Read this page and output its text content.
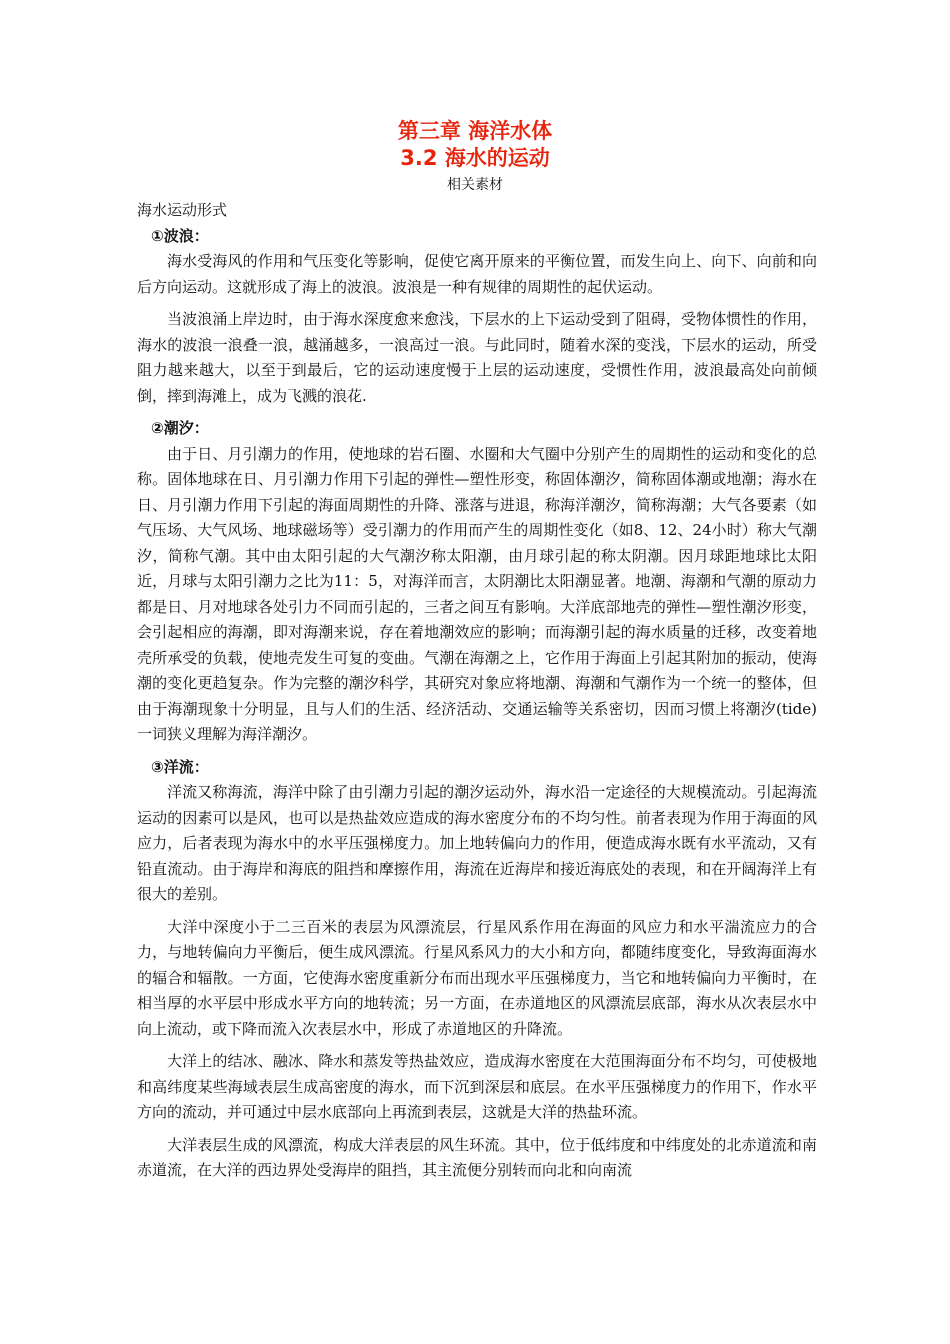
第三章 海洋水体
3.2 海水的运动
相关素材
海水运动形式
①波浪：

海水受海风的作用和气压变化等影响，促使它离开原来的平衡位置，而发生向上、向下、向前和向后方向运动。这就形成了海上的波浪。波浪是一种有规律的周期性的起伏运动。

当波浪涌上岸边时，由于海水深度愈来愈浅，下层水的上下运动受到了阻碍，受物体惯性的作用，海水的波浪一浪叠一浪，越涌越多，一浪高过一浪。与此同时，随着水深的变浅，下层水的运动，所受阻力越来越大，以至于到最后，它的运动速度慢于上层的运动速度，受惯性作用，波浪最高处向前倾倒，摔到海滩上，成为飞溅的浪花.

②潮汐：

由于日、月引潮力的作用，使地球的岩石圈、水圈和大气圈中分别产生的周期性的运动和变化的总称。固体地球在日、月引潮力作用下引起的弹性—塑性形变，称固体潮汐，简称固体潮或地潮；海水在日、月引潮力作用下引起的海面周期性的升降、涨落与进退，称海洋潮汐，简称海潮；大气各要素（如气压场、大气风场、地球磁场等）受引潮力的作用而产生的周期性变化（如8、12、24小时）称大气潮汐，简称气潮。其中由太阳引起的大气潮汐称太阳潮，由月球引起的称太阴潮。因月球距地球比太阳近，月球与太阳引潮力之比为11：5，对海洋而言，太阴潮比太阳潮显著。地潮、海潮和气潮的原动力都是日、月对地球各处引力不同而引起的，三者之间互有影响。大洋底部地壳的弹性—塑性潮汐形变，会引起相应的海潮，即对海潮来说，存在着地潮效应的影响；而海潮引起的海水质量的迁移，改变着地壳所承受的负载，使地壳发生可复的变曲。气潮在海潮之上，它作用于海面上引起其附加的振动，使海潮的变化更趋复杂。作为完整的潮汐科学，其研究对象应将地潮、海潮和气潮作为一个统一的整体，但由于海潮现象十分明显，且与人们的生活、经济活动、交通运输等关系密切，因而习惯上将潮汐(tide)一词狭义理解为海洋潮汐。

③洋流：

洋流又称海流，海洋中除了由引潮力引起的潮汐运动外，海水沿一定途径的大规模流动。引起海流运动的因素可以是风，也可以是热盐效应造成的海水密度分布的不均匀性。前者表现为作用于海面的风应力，后者表现为海水中的水平压强梯度力。加上地转偏向力的作用，便造成海水既有水平流动，又有铅直流动。由于海岸和海底的阻挡和摩擦作用，海流在近海岸和接近海底处的表现，和在开阔海洋上有很大的差别。

大洋中深度小于二三百米的表层为风漂流层，行星风系作用在海面的风应力和水平湍流应力的合力，与地转偏向力平衡后，便生成风漂流。行星风系风力的大小和方向，都随纬度变化，导致海面海水的辐合和辐散。一方面，它使海水密度重新分布而出现水平压强梯度力，当它和地转偏向力平衡时，在相当厚的水平层中形成水平方向的地转流；另一方面，在赤道地区的风漂流层底部，海水从次表层水中向上流动，或下降而流入次表层水中，形成了赤道地区的升降流。

大洋上的结冰、融冰、降水和蒸发等热盐效应，造成海水密度在大范围海面分布不均匀，可使极地和高纬度某些海域表层生成高密度的海水，而下沉到深层和底层。在水平压强梯度力的作用下，作水平方向的流动，并可通过中层水底部向上再流到表层，这就是大洋的热盐环流。

大洋表层生成的风漂流，构成大洋表层的风生环流。其中，位于低纬度和中纬度处的北赤道流和南赤道流，在大洋的西边界处受海岸的阻挡，其主流便分别转而向北和向南流
